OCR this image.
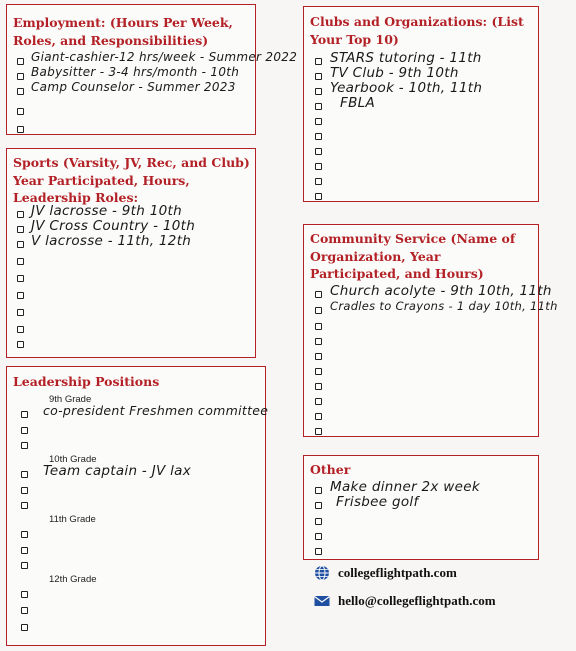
Employment: (Hours Per Week, Roles, and Responsibilities)
Giant-cashier-12 hrs/week - Summer 2022
Babysitter - 3-4 hrs/month - 10th
Camp Counselor - Summer 2023
Sports (Varsity, JV, Rec, and Club) Year Participated, Hours, Leadership Roles:
JV lacrosse - 9th 10th
JV Cross Country - 10th
V lacrosse - 11th, 12th
Leadership Positions
9th Grade
co-president Freshmen committee
10th Grade
Team captain - JV lax
11th Grade
12th Grade
Clubs and Organizations: (List Your Top 10)
STARS tutoring - 11th
TV Club - 9th 10th
Yearbook - 10th, 11th
FBLA
Community Service (Name of Organization, Year Participated, and Hours)
Church acolyte - 9th 10th, 11th
Cradles to Crayons - 1 day 10th, 11th
Other
Make dinner 2x week
Frisbee golf
collegeflightpath.com
hello@collegeflightpath.com
